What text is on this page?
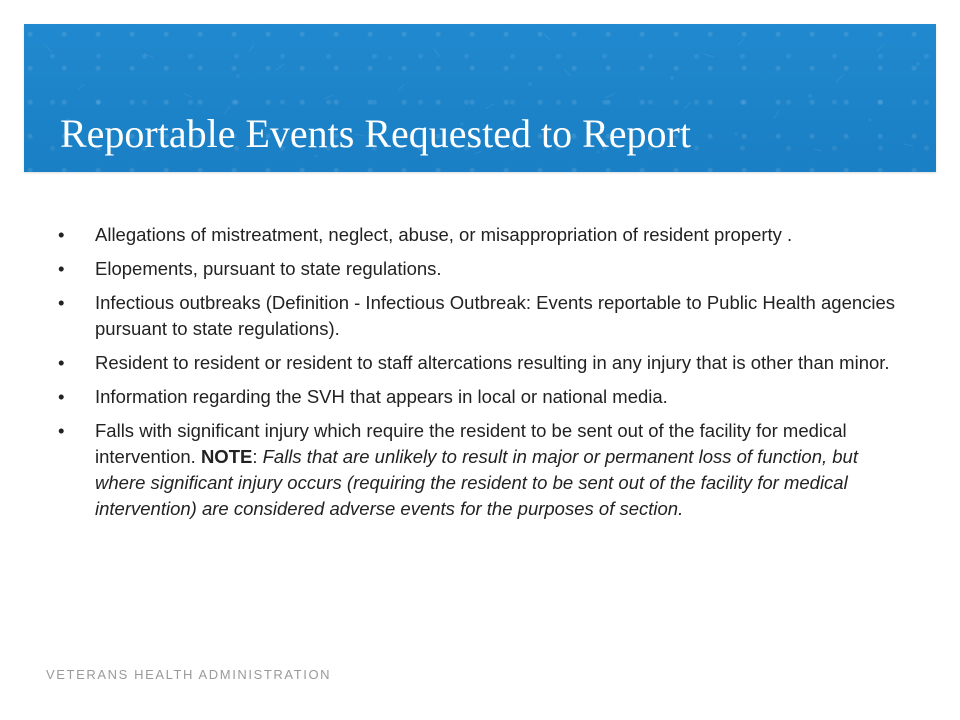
Reportable Events Requested to Report
• Allegations of mistreatment, neglect, abuse, or misappropriation of resident property .
• Elopements, pursuant to state regulations.
• Infectious outbreaks (Definition - Infectious Outbreak: Events reportable to Public Health agencies pursuant to state regulations).
• Resident to resident or resident to staff altercations resulting in any injury that is other than minor.
• Information regarding the SVH that appears in local or national media.
• Falls with significant injury which require the resident to be sent out of the facility for medical intervention. NOTE: Falls that are unlikely to result in major or permanent loss of function, but where significant injury occurs (requiring the resident to be sent out of the facility for medical intervention) are considered adverse events for the purposes of section.

VETERANS HEALTH ADMINISTRATION
